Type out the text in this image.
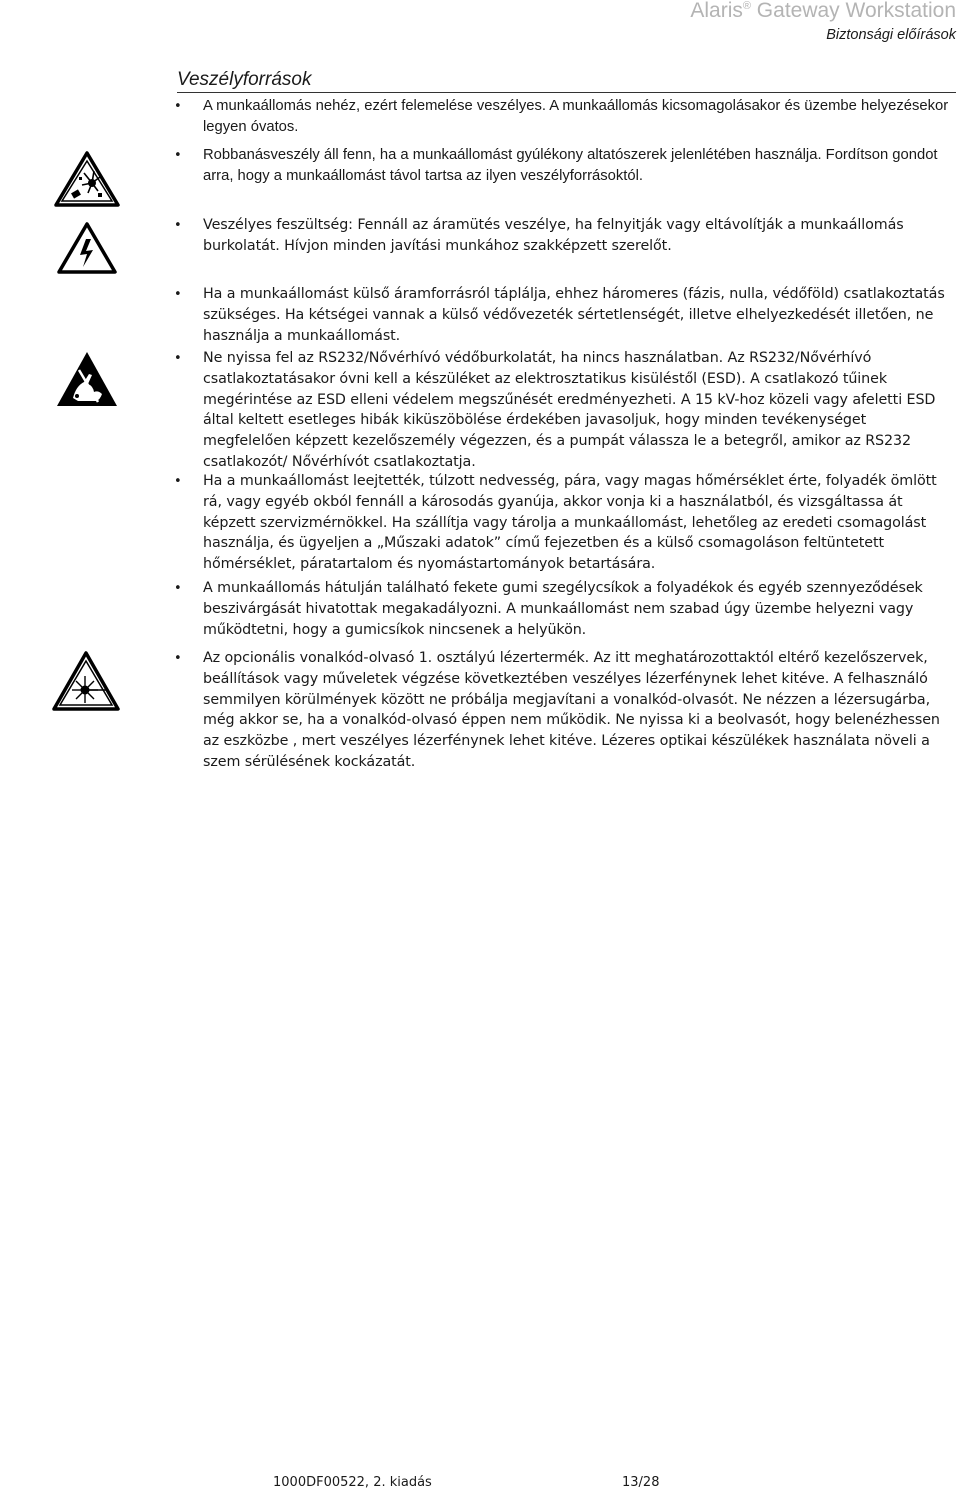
Alaris® Gateway Workstation
Biztonsági előírások
Veszélyforrások
•	A munkaállomás nehéz, ezért felemelése veszélyes. A munkaállomás kicsomagolásakor és üzembe helyezésekor legyen óvatos.
•	Robbanásveszély áll fenn, ha a munkaállomást gyúlékony altatószerek jelenlétében használja. Fordítson gondot arra, hogy a munkaállomást távol tartsa az ilyen veszélyforrásoktól.
•	Veszélyes feszültség: Fennáll az áramütés veszélye, ha felnyitják vagy eltávolítják a munkaállomás burkolatát. Hívjon minden javítási munkához szakképzett szerelőt.
•	Ha a munkaállomást külső áramforrásról táplálja, ehhez háromeres (fázis, nulla, védőföld) csatlakoztatás szükséges. Ha kétségei vannak a külső védővezeték sértetlenségét, illetve elhelyezkedését illetően, ne használja a munkaállomást.
•	Ne nyissa fel az RS232/Nővérhívó védőburkolatát, ha nincs használatban. Az RS232/Nővérhívó csatlakoztatásakor óvni kell a készüléket az elektrosztatikus kisüléstől (ESD). A csatlakozó tűinek megérintése az ESD elleni védelem megszűnését eredményezheti. A 15 kV-hoz közeli vagy afeletti ESD által keltett esetleges hibák kiküszöbölése érdekében javasoljuk, hogy minden tevékenységet megfelelően képzett kezelőszemély végezzen, és a pumpát válassza le a betegről, amikor az RS232 csatlakozót/ Nővérhívót csatlakoztatja.
•	Ha a munkaállomást leejtették, túlzott nedvesség, pára, vagy magas hőmérséklet érte, folyadék ömlött rá, vagy egyéb okból fennáll a károsodás gyanúja, akkor vonja ki a használatból, és vizsgáltassa át képzett szervizmérnökkel. Ha szállítja vagy tárolja a munkaállomást, lehetőleg az eredeti csomagolást használja, és ügyeljen a „Műszaki adatok” című fejezetben és a külső csomagoláson feltüntetett hőmérséklet, páratartalom és nyomástartományok betartására.
•	A munkaállomás hátulján található fekete gumi szegélycsíkok a folyadékok és egyéb szennyeződések beszivárgását hivatottak megakadályozni. A munkaállomást nem szabad úgy üzembe helyezni vagy működtetni, hogy a gumicsíkok nincsenek a helyükön.
•	Az opcionális vonalkód-olvasó 1. osztályú lézertermék. Az itt meghatározottaktól eltérő kezelőszervek, beállítások vagy műveletek végzése következtében veszélyes lézerfénynek lehet kitéve. A felhasználó semmilyen körülmények között ne próbálja megjavítani a vonalkód-olvasót. Ne nézzen a lézersugárba, még akkor se, ha a vonalkód-olvasó éppen nem működik. Ne nyissa ki a beolvasót, hogy belenézhessen az eszközbe , mert veszélyes lézerfénynek lehet kitéve. Lézeres optikai készülékek használata növeli a szem sérülésének kockázatát.
1000DF00522, 2. kiadás	13/28
